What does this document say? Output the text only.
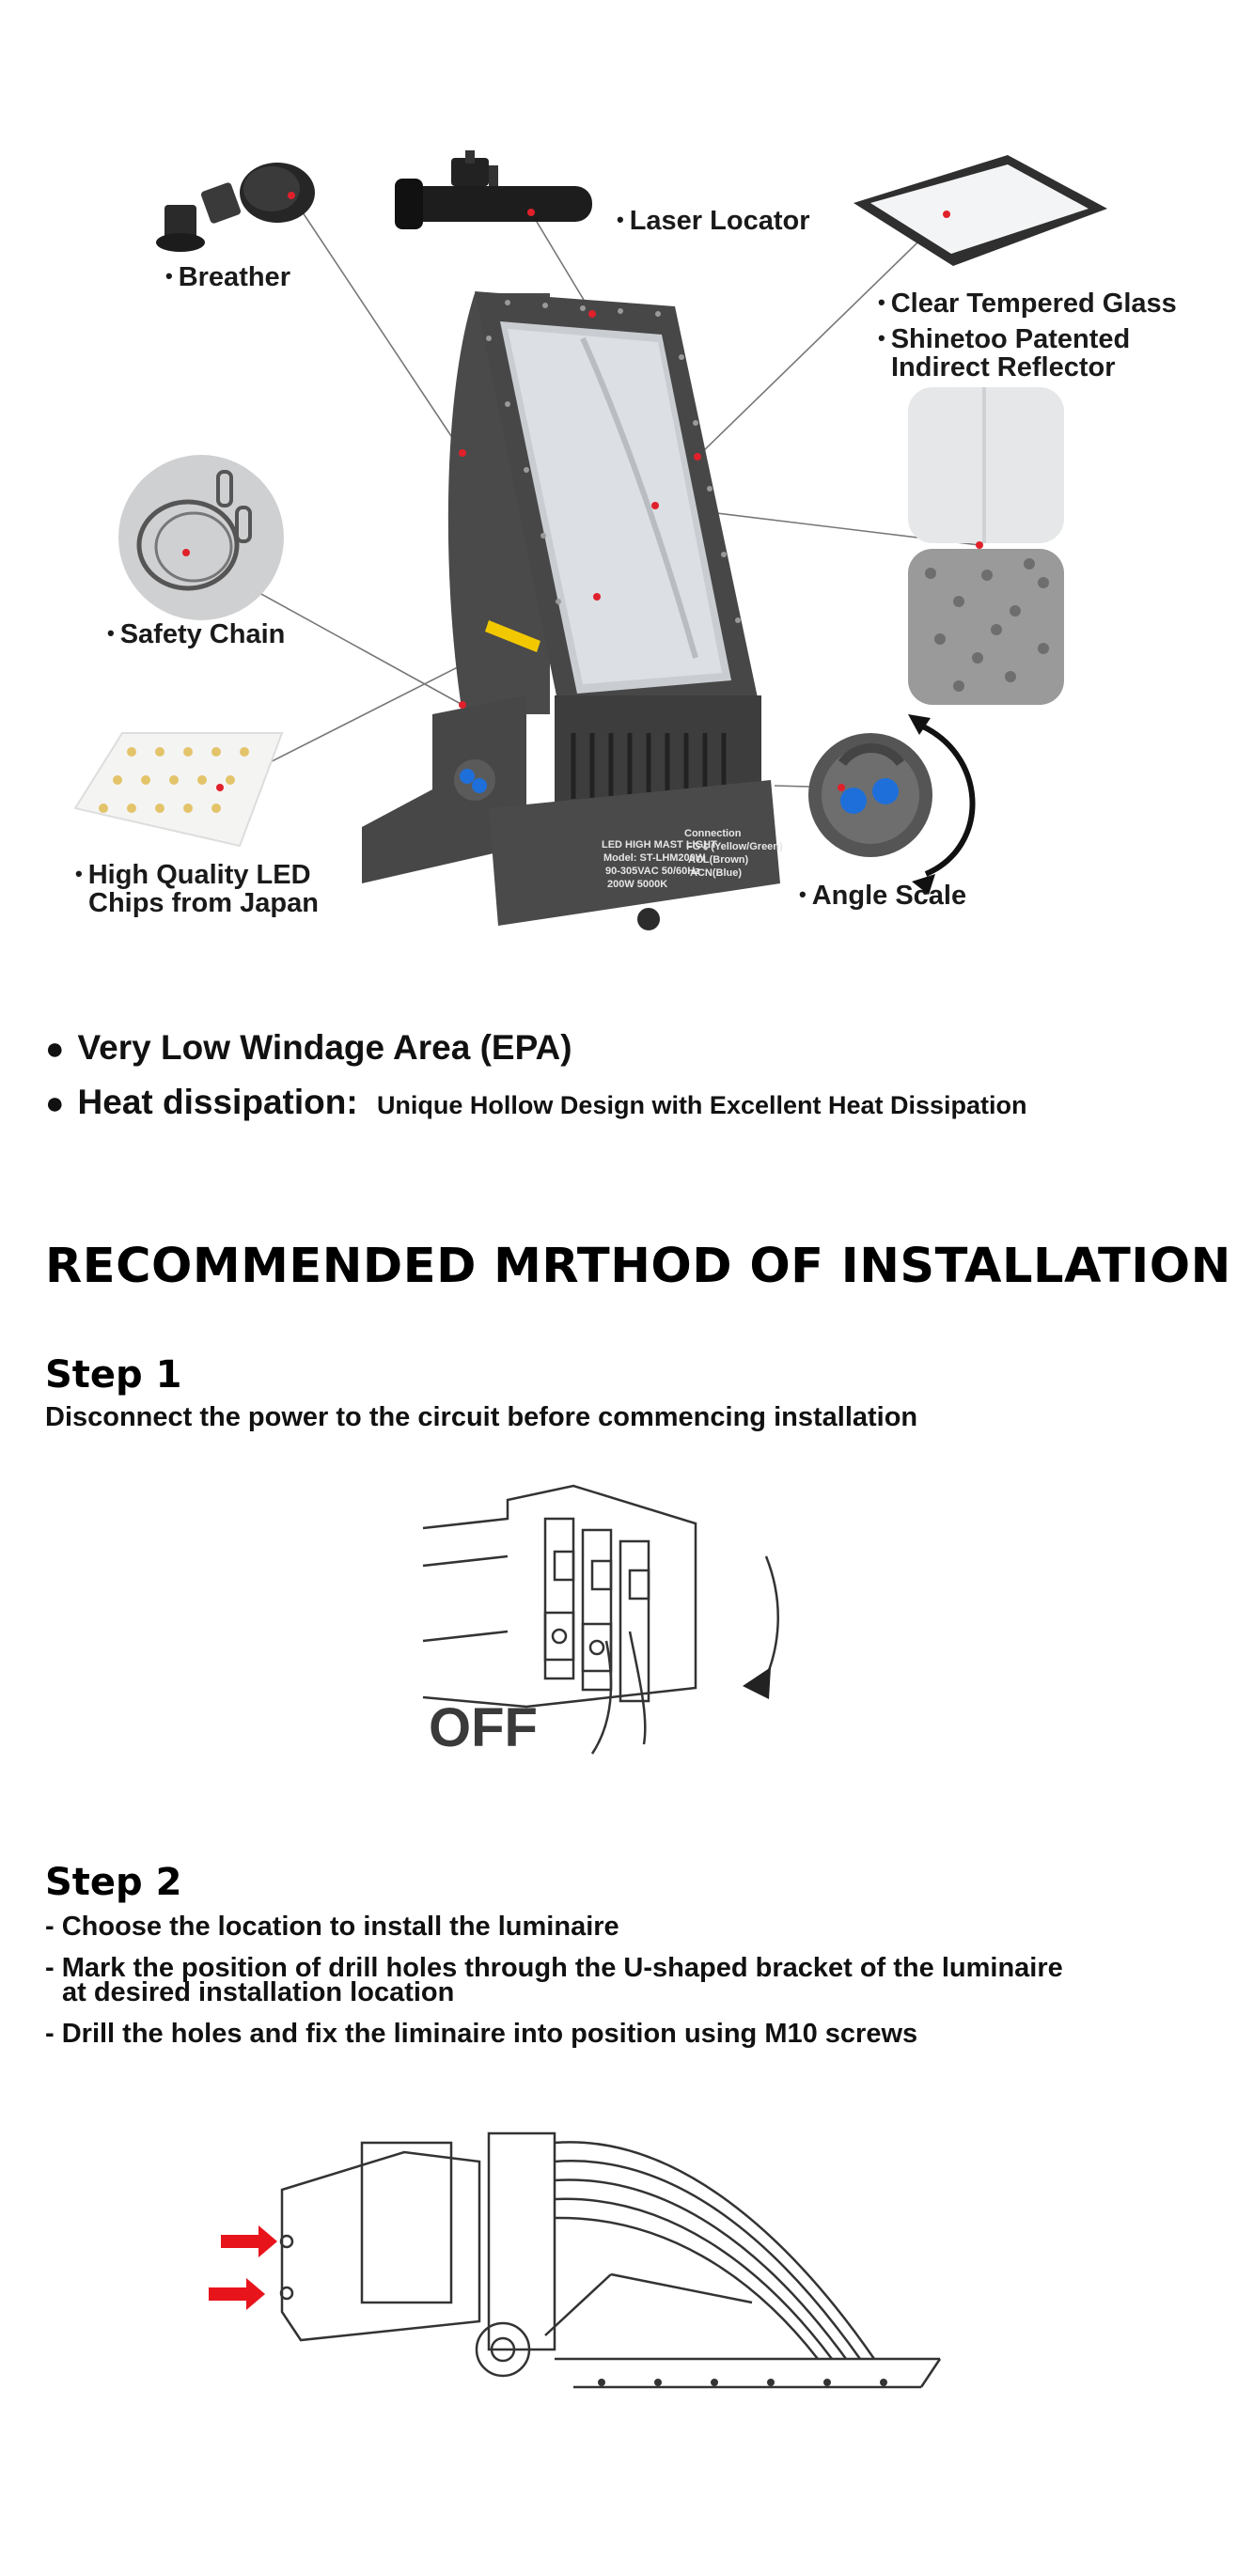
LED HIGH MAST LIGHT
Model: ST-LHM200W
90-305VAC 50/60Hz
200W 5000K
Connection
FG⏚(Yellow/Green)
ACL(Brown)
ACN(Blue)
• Breather
• Laser Locator
• Clear Tempered Glass
• Shinetoo Patented
Indirect Reflector
• Safety Chain
• High Quality LED
Chips from Japan	• Angle Scale
● Very Low Windage Area (EPA)
● Heat dissipation: Unique Hollow Design with Excellent Heat Dissipation
RECOMMENDED MRTHOD OF INSTALLATION
Step 1
Disconnect the power to the circuit before commencing installation
OFF
Step 2
- Choose the location to install the luminaire
- Mark the position of drill holes through the U-shaped bracket of the luminaire
at desired installation location
- Drill the holes and fix the liminaire into position using M10 screws
